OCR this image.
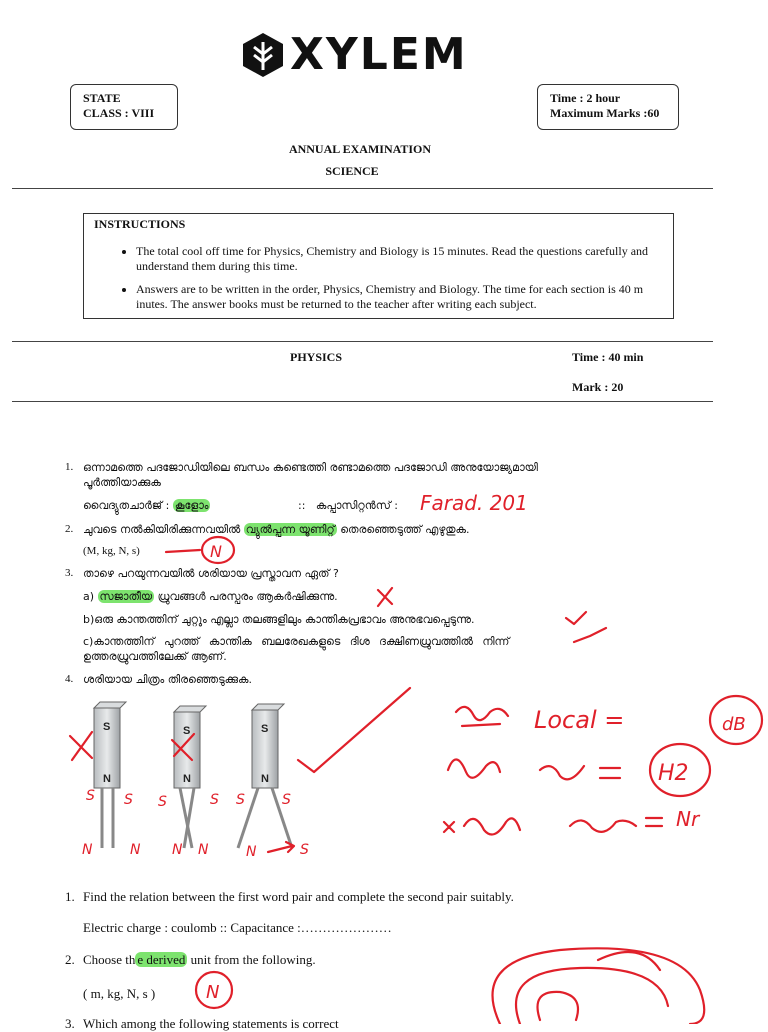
XYLEM
STATE
CLASS : VIII
Time : 2 hour
Maximum Marks :60
ANNUAL EXAMINATION
SCIENCE
INSTRUCTIONS
• The total cool off time for Physics, Chemistry and Biology is 15 minutes. Read the questions carefully and understand them during this time.
• Answers are to be written in the order, Physics, Chemistry and Biology. The time for each section is 40 m inutes. The answer books must be returned to the teacher after writing each subject.
PHYSICS	Time : 40 min
Mark : 20
1. ഒന്നാമത്തെ പദജോഡിയിലെ ബന്ധം കണ്ടെത്തി രണ്ടാമത്തെ പദജോഡി അനുയോജ്യമായി
പൂർത്തിയാക്കുക
വൈദ്യുതചാർജ് : കൂളോം	:: കപ്പാസിറ്റൻസ് :
2. ചുവടെ നൽകിയിരിക്കുന്നവയിൽ വ്യുൽപ്പന്ന യൂണിറ്റ് തെരഞ്ഞെടുത്ത് എഴുതുക.
(M, kg, N, s)
3. താഴെ പറയുന്നവയിൽ ശരിയായ പ്രസ്താവന ഏത് ?
a) സജാതീയ ധ്രുവങ്ങൾ പരസ്പരം ആകർഷിക്കുന്നു.
b)ഒരു കാന്തത്തിന് ചുറ്റും എല്ലാ തലങ്ങളിലും കാന്തികപ്രഭാവം അനുഭവപ്പെടുന്നു.
c)കാന്തത്തിന് പുറത്ത് കാന്തിക ബലരേഖകളുടെ ദിശ ദക്ഷിണധ്രുവത്തിൽ നിന്ന്
ഉത്തരധ്രുവത്തിലേക്ക് ആണ്.
4. ശരിയായ ചിത്രം തിരഞ്ഞെടുക്കുക.
S
N
S
N
S
N
S S
N	N
S	S
N N
S	S
N	S
1. Find the relation between the first word pair and complete the second pair suitably.
Electric charge : coulomb :: Capacitance :…………………
2. Choose th e derived unit from the following.
( m, kg, N, s )
3. Which among the following statements is correct
Farad. 201
N
Local =	dB
H2
Nr
N
